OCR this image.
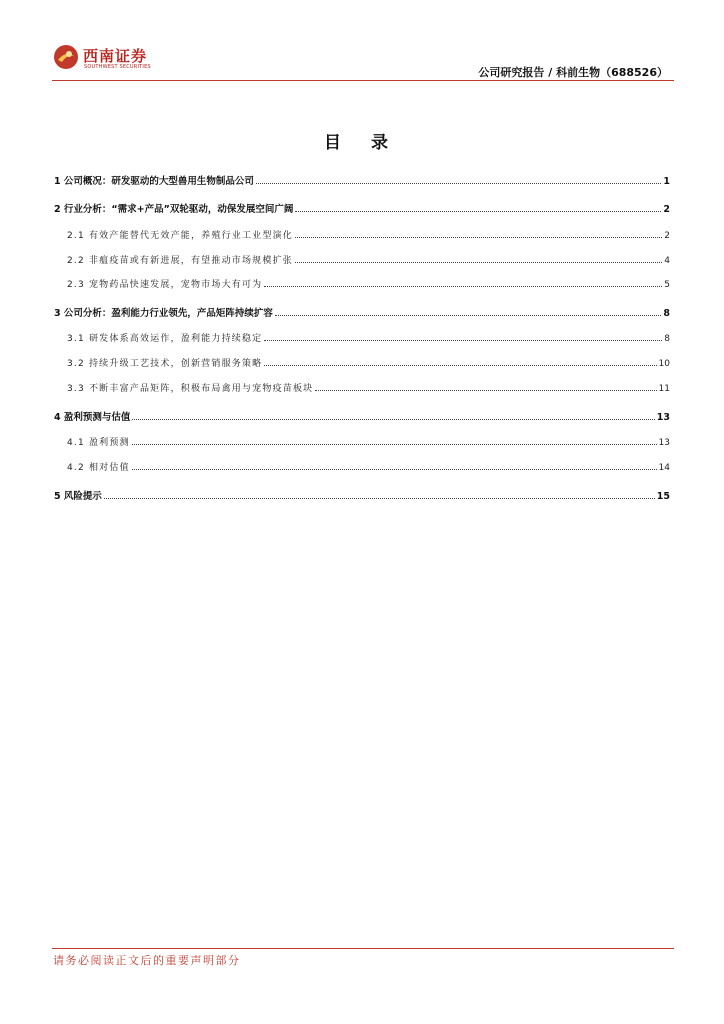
西南证券
SOUTHWEST SECURITIES	公司研究报告 / 科前生物（688526）
目 录
1 公司概况：研发驱动的大型兽用生物制品公司	1
2 行业分析：“需求+产品”双轮驱动，动保发展空间广阔	2
2.1 有效产能替代无效产能，养殖行业工业型演化	2
2.2 非瘟疫苗或有新进展，有望推动市场规模扩张	4
2.3 宠物药品快速发展，宠物市场大有可为	5
3 公司分析：盈利能力行业领先，产品矩阵持续扩容	8
3.1 研发体系高效运作，盈利能力持续稳定	8
3.2 持续升级工艺技术，创新营销服务策略	10
3.3 不断丰富产品矩阵，积极布局禽用与宠物疫苗板块	11
4 盈利预测与估值	13
4.1 盈利预测	13
4.2 相对估值	14
5 风险提示	15
请务必阅读正文后的重要声明部分
